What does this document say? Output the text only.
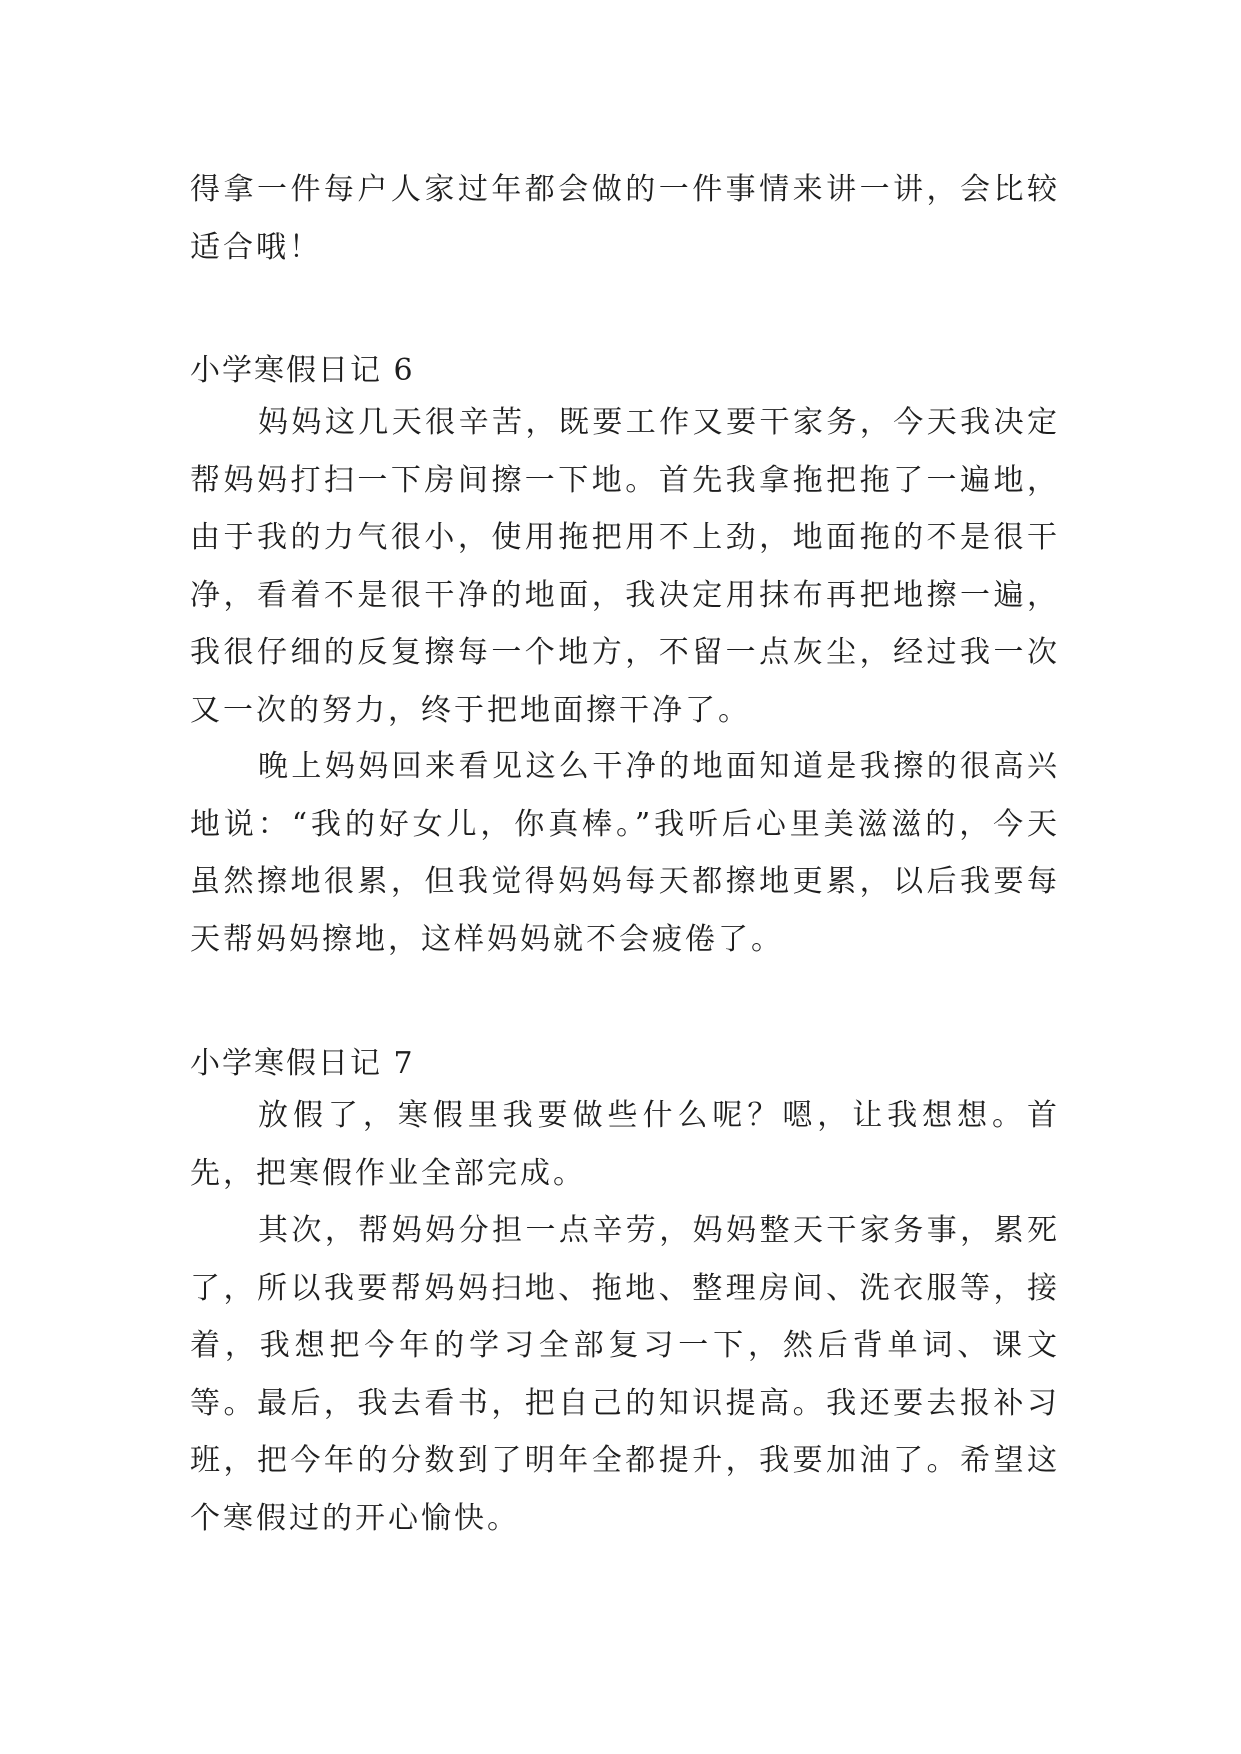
得拿一件每户人家过年都会做的一件事情来讲一讲，会比较适合哦！

小学寒假日记 6

妈妈这几天很辛苦，既要工作又要干家务，今天我决定帮妈妈打扫一下房间擦一下地。首先我拿拖把拖了一遍地，由于我的力气很小，使用拖把用不上劲，地面拖的不是很干净，看着不是很干净的地面，我决定用抹布再把地擦一遍，我很仔细的反复擦每一个地方，不留一点灰尘，经过我一次又一次的努力，终于把地面擦干净了。

晚上妈妈回来看见这么干净的地面知道是我擦的很高兴地说：“我的好女儿，你真棒。”我听后心里美滋滋的，今天虽然擦地很累，但我觉得妈妈每天都擦地更累，以后我要每天帮妈妈擦地，这样妈妈就不会疲倦了。

小学寒假日记 7

放假了，寒假里我要做些什么呢？嗯，让我想想。首先，把寒假作业全部完成。

其次，帮妈妈分担一点辛劳，妈妈整天干家务事，累死了，所以我要帮妈妈扫地、拖地、整理房间、洗衣服等，接着，我想把今年的学习全部复习一下，然后背单词、课文等。最后，我去看书，把自己的知识提高。我还要去报补习班，把今年的分数到了明年全都提升，我要加油了。希望这个寒假过的开心愉快。
